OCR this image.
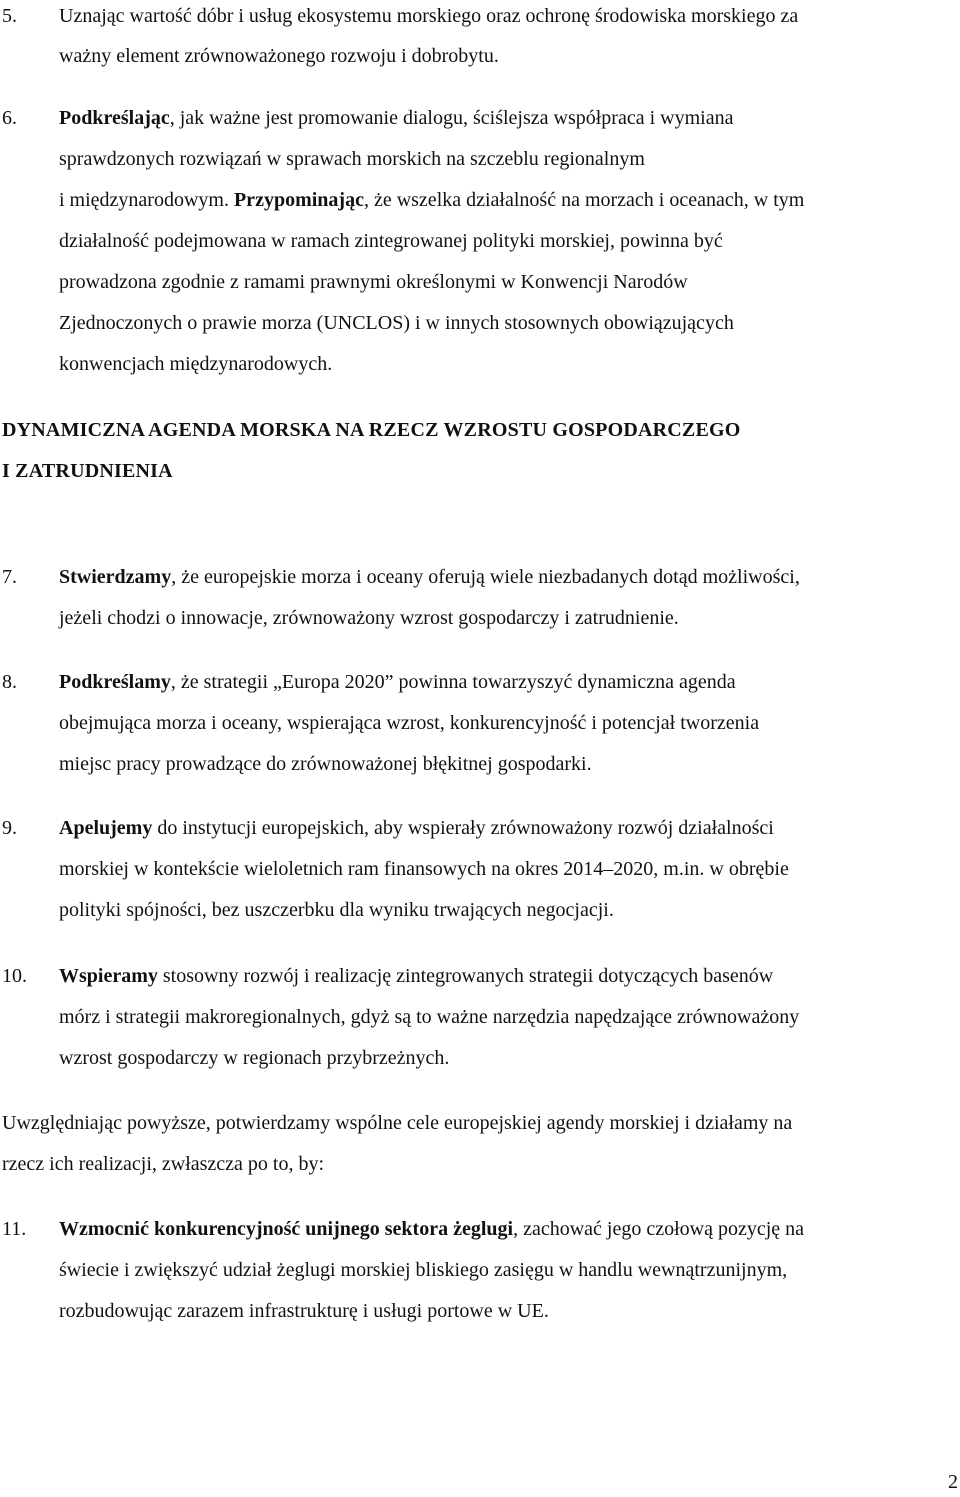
5. Uznając wartość dóbr i usług ekosystemu morskiego oraz ochronę środowiska morskiego za
ważny element zrównoważonego rozwoju i dobrobytu.
6. Podkreślając, jak ważne jest promowanie dialogu, ściślejsza współpraca i wymiana
sprawdzonych rozwiązań w sprawach morskich na szczeblu regionalnym
i międzynarodowym. Przypominając, że wszelka działalność na morzach i oceanach, w tym
działalność podejmowana w ramach zintegrowanej polityki morskiej, powinna być
prowadzona zgodnie z ramami prawnymi określonymi w Konwencji Narodów
Zjednoczonych o prawie morza (UNCLOS) i w innych stosownych obowiązujących
konwencjach międzynarodowych.
DYNAMICZNA AGENDA MORSKA NA RZECZ WZROSTU GOSPODARCZEGO
I ZATRUDNIENIA
7. Stwierdzamy, że europejskie morza i oceany oferują wiele niezbadanych dotąd możliwości,
jeżeli chodzi o innowacje, zrównoważony wzrost gospodarczy i zatrudnienie.
8. Podkreślamy, że strategii „Europa 2020” powinna towarzyszyć dynamiczna agenda
obejmująca morza i oceany, wspierająca wzrost, konkurencyjność i potencjał tworzenia
miejsc pracy prowadzące do zrównoważonej błękitnej gospodarki.
9. Apelujemy do instytucji europejskich, aby wspierały zrównoważony rozwój działalności
morskiej w kontekście wieloletnich ram finansowych na okres 2014–2020, m.in. w obrębie
polityki spójności, bez uszczerbku dla wyniku trwających negocjacji.
10. Wspieramy stosowny rozwój i realizację zintegrowanych strategii dotyczących basenów
mórz i strategii makroregionalnych, gdyż są to ważne narzędzia napędzające zrównoważony
wzrost gospodarczy w regionach przybrzeżnych.
Uwzględniając powyższe, potwierdzamy wspólne cele europejskiej agendy morskiej i działamy na
rzecz ich realizacji, zwłaszcza po to, by:
11. Wzmocnić konkurencyjność unijnego sektora żeglugi, zachować jego czołową pozycję na
świecie i zwiększyć udział żeglugi morskiej bliskiego zasięgu w handlu wewnątrzunijnym,
rozbudowując zarazem infrastrukturę i usługi portowe w UE.
2
